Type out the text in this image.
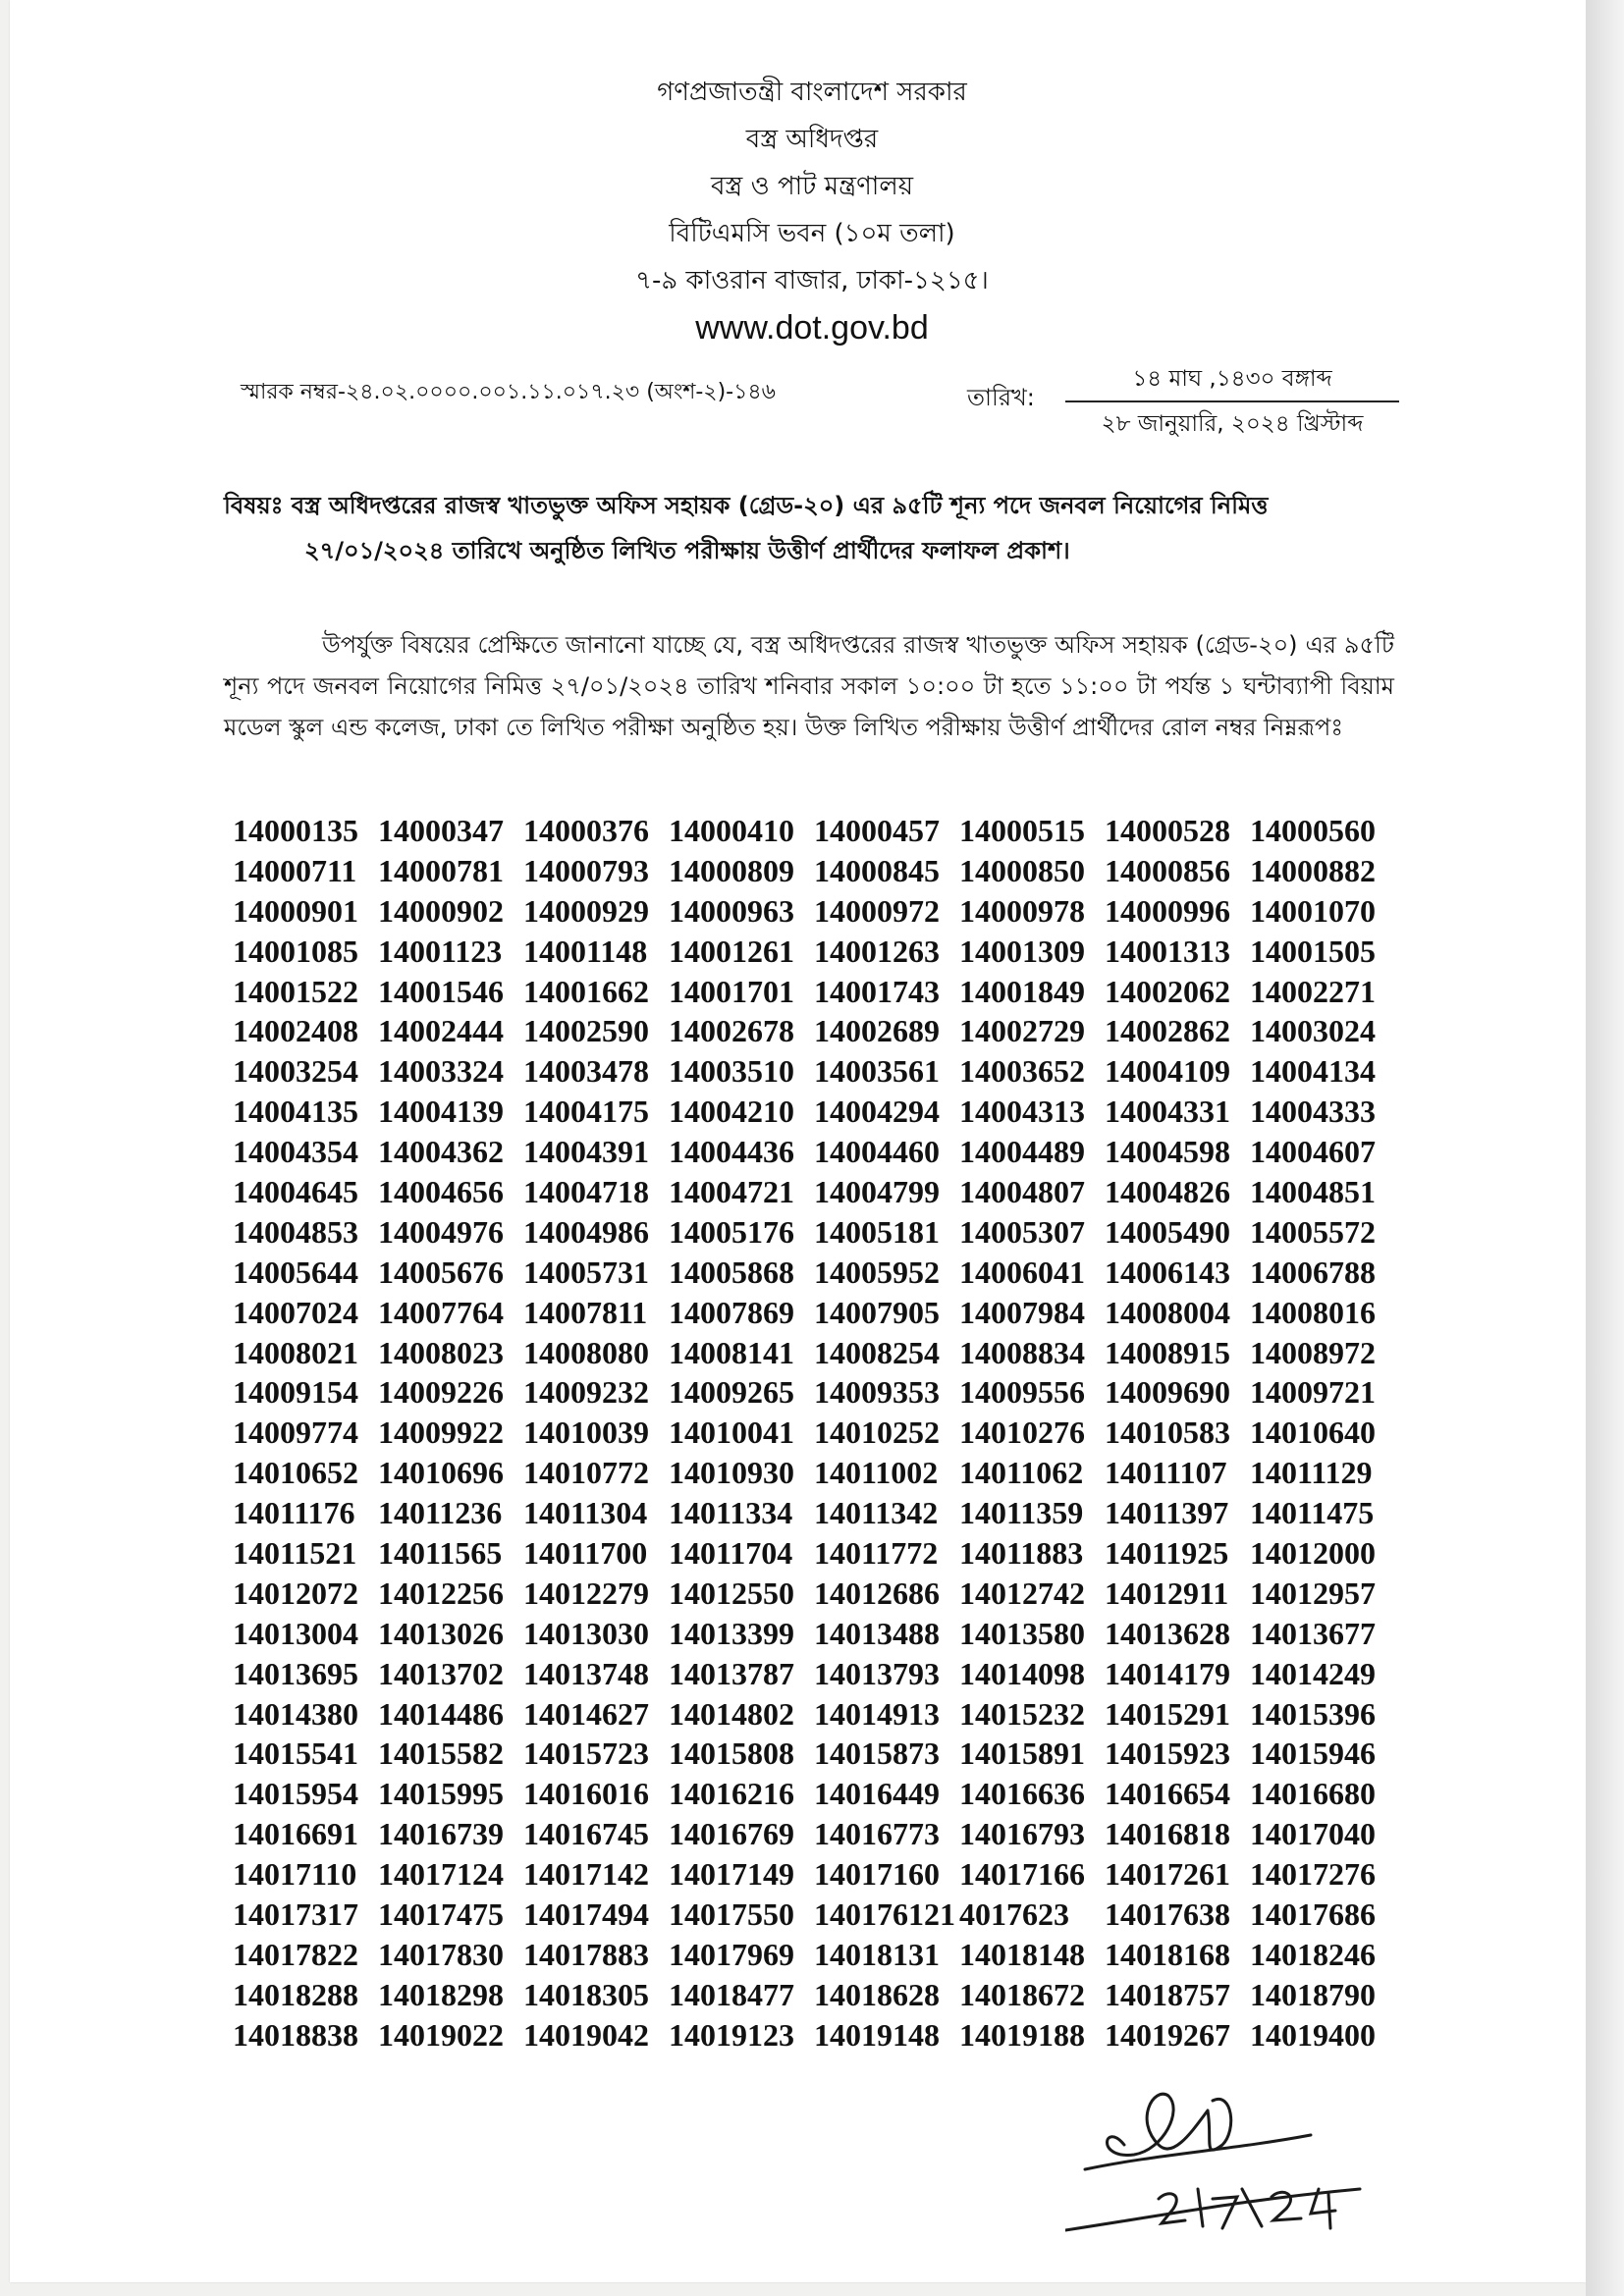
গণপ্রজাতন্ত্রী বাংলাদেশ সরকার
বস্ত্র অধিদপ্তর
বস্ত্র ও পাট মন্ত্রণালয়
বিটিএমসি ভবন (১০ম তলা)
৭-৯ কাওরান বাজার, ঢাকা-১২১৫।
www.dot.gov.bd
স্মারক নম্বর-২৪.০২.০০০০.০০১.১১.০১৭.২৩ (অংশ-২)-১৪৬	তারিখ:
১৪ মাঘ ,১৪৩০ বঙ্গাব্দ
২৮ জানুয়ারি, ২০২৪ খ্রিস্টাব্দ
বিষয়ঃ বস্ত্র অধিদপ্তরের রাজস্ব খাতভুক্ত অফিস সহায়ক (গ্রেড-২০) এর ৯৫টি শূন্য পদে জনবল নিয়োগের নিমিত্ত
২৭/০১/২০২৪ তারিখে অনুষ্ঠিত লিখিত পরীক্ষায় উত্তীর্ণ প্রার্থীদের ফলাফল প্রকাশ।
উপর্যুক্ত বিষয়ের প্রেক্ষিতে জানানো যাচ্ছে যে, বস্ত্র অধিদপ্তরের রাজস্ব খাতভুক্ত অফিস সহায়ক (গ্রেড-২০) এর ৯৫টি শূন্য পদে জনবল নিয়োগের নিমিত্ত ২৭/০১/২০২৪ তারিখ শনিবার সকাল ১০:০০ টা হতে ১১:০০ টা পর্যন্ত ১ ঘন্টাব্যাপী বিয়াম মডেল স্কুল এন্ড কলেজ, ঢাকা তে লিখিত পরীক্ষা অনুষ্ঠিত হয়। উক্ত লিখিত পরীক্ষায় উত্তীর্ণ প্রার্থীদের রোল নম্বর নিম্নরূপঃ
14000135 14000347 14000376 14000410 14000457 14000515 14000528 14000560
14000711 14000781 14000793 14000809 14000845 14000850 14000856 14000882
14000901 14000902 14000929 14000963 14000972 14000978 14000996 14001070
14001085 14001123 14001148 14001261 14001263 14001309 14001313 14001505
14001522 14001546 14001662 14001701 14001743 14001849 14002062 14002271
14002408 14002444 14002590 14002678 14002689 14002729 14002862 14003024
14003254 14003324 14003478 14003510 14003561 14003652 14004109 14004134
14004135 14004139 14004175 14004210 14004294 14004313 14004331 14004333
14004354 14004362 14004391 14004436 14004460 14004489 14004598 14004607
14004645 14004656 14004718 14004721 14004799 14004807 14004826 14004851
14004853 14004976 14004986 14005176 14005181 14005307 14005490 14005572
14005644 14005676 14005731 14005868 14005952 14006041 14006143 14006788
14007024 14007764 14007811 14007869 14007905 14007984 14008004 14008016
14008021 14008023 14008080 14008141 14008254 14008834 14008915 14008972
14009154 14009226 14009232 14009265 14009353 14009556 14009690 14009721
14009774 14009922 14010039 14010041 14010252 14010276 14010583 14010640
14010652 14010696 14010772 14010930 14011002 14011062 14011107 14011129
14011176 14011236 14011304 14011334 14011342 14011359 14011397 14011475
14011521 14011565 14011700 14011704 14011772 14011883 14011925 14012000
14012072 14012256 14012279 14012550 14012686 14012742 14012911 14012957
14013004 14013026 14013030 14013399 14013488 14013580 14013628 14013677
14013695 14013702 14013748 14013787 14013793 14014098 14014179 14014249
14014380 14014486 14014627 14014802 14014913 14015232 14015291 14015396
14015541 14015582 14015723 14015808 14015873 14015891 14015923 14015946
14015954 14015995 14016016 14016216 14016449 14016636 14016654 14016680
14016691 14016739 14016745 14016769 14016773 14016793 14016818 14017040
14017110 14017124 14017142 14017149 14017160 14017166 14017261 14017276
14017317 14017475 14017494 14017550 140176121 4017623	14017638 14017686
14017822 14017830 14017883 14017969 14018131 14018148 14018168 14018246
14018288 14018298 14018305 14018477 14018628 14018672 14018757 14018790
14018838 14019022 14019042 14019123 14019148 14019188 14019267 14019400
